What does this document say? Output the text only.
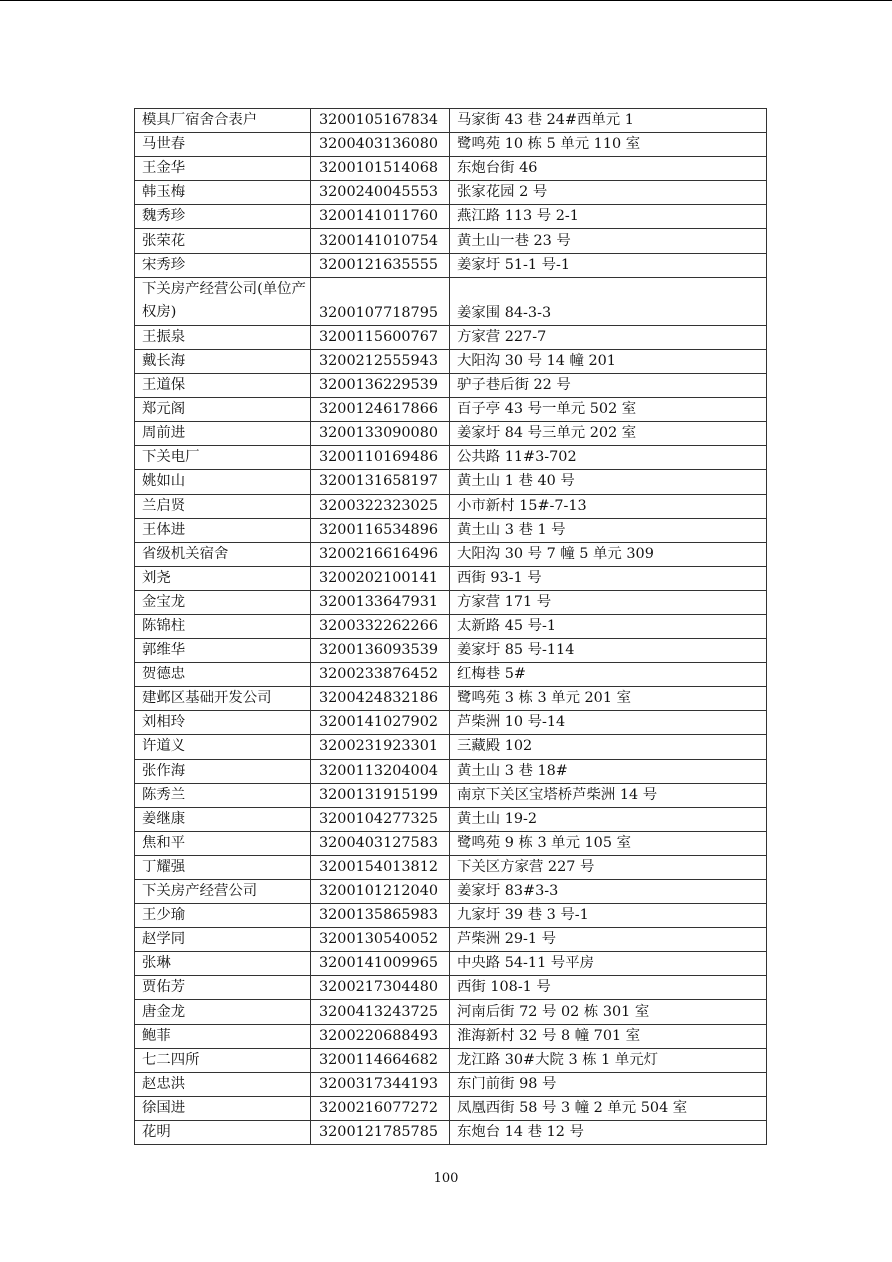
模具厂宿舍合表户	3200105167834	马家街 43 巷 24#西单元 1
马世春	3200403136080	鹭鸣苑 10 栋 5 单元 110 室
王金华	3200101514068	东炮台街 46
韩玉梅	3200240045553	张家花园 2 号
魏秀珍	3200141011760	燕江路 113 号 2-1
张荣花	3200141010754	黄土山一巷 23 号
宋秀珍	3200121635555	姜家圩 51-1 号-1
下关房产经营公司(单位产权房)	3200107718795	姜家围 84-3-3
王振泉	3200115600767	方家营 227-7
戴长海	3200212555943	大阳沟 30 号 14 幢 201
王道保	3200136229539	驴子巷后街 22 号
郑元阁	3200124617866	百子亭 43 号一单元 502 室
周前进	3200133090080	姜家圩 84 号三单元 202 室
下关电厂	3200110169486	公共路 11#3-702
姚如山	3200131658197	黄土山 1 巷 40 号
兰启贤	3200322323025	小市新村 15#-7-13
王体进	3200116534896	黄土山 3 巷 1 号
省级机关宿舍	3200216616496	大阳沟 30 号 7 幢 5 单元 309
刘尧	3200202100141	西街 93-1 号
金宝龙	3200133647931	方家营 171 号
陈锦柱	3200332262266	太新路 45 号-1
郭维华	3200136093539	姜家圩 85 号-114
贺德忠	3200233876452	红梅巷 5#
建邺区基础开发公司	3200424832186	鹭鸣苑 3 栋 3 单元 201 室
刘相玲	3200141027902	芦柴洲 10 号-14
许道义	3200231923301	三藏殿 102
张作海	3200113204004	黄土山 3 巷 18#
陈秀兰	3200131915199	南京下关区宝塔桥芦柴洲 14 号
姜继康	3200104277325	黄土山 19-2
焦和平	3200403127583	鹭鸣苑 9 栋 3 单元 105 室
丁耀强	3200154013812	下关区方家营 227 号
下关房产经营公司	3200101212040	姜家圩 83#3-3
王少瑜	3200135865983	九家圩 39 巷 3 号-1
赵学同	3200130540052	芦柴洲 29-1 号
张琳	3200141009965	中央路 54-11 号平房
贾佑芳	3200217304480	西街 108-1 号
唐金龙	3200413243725	河南后街 72 号 02 栋 301 室
鲍菲	3200220688493	淮海新村 32 号 8 幢 701 室
七二四所	3200114664682	龙江路 30#大院 3 栋 1 单元灯
赵忠洪	3200317344193	东门前街 98 号
徐国进	3200216077272	凤凰西街 58 号 3 幢 2 单元 504 室
花明	3200121785785	东炮台 14 巷 12 号
100
